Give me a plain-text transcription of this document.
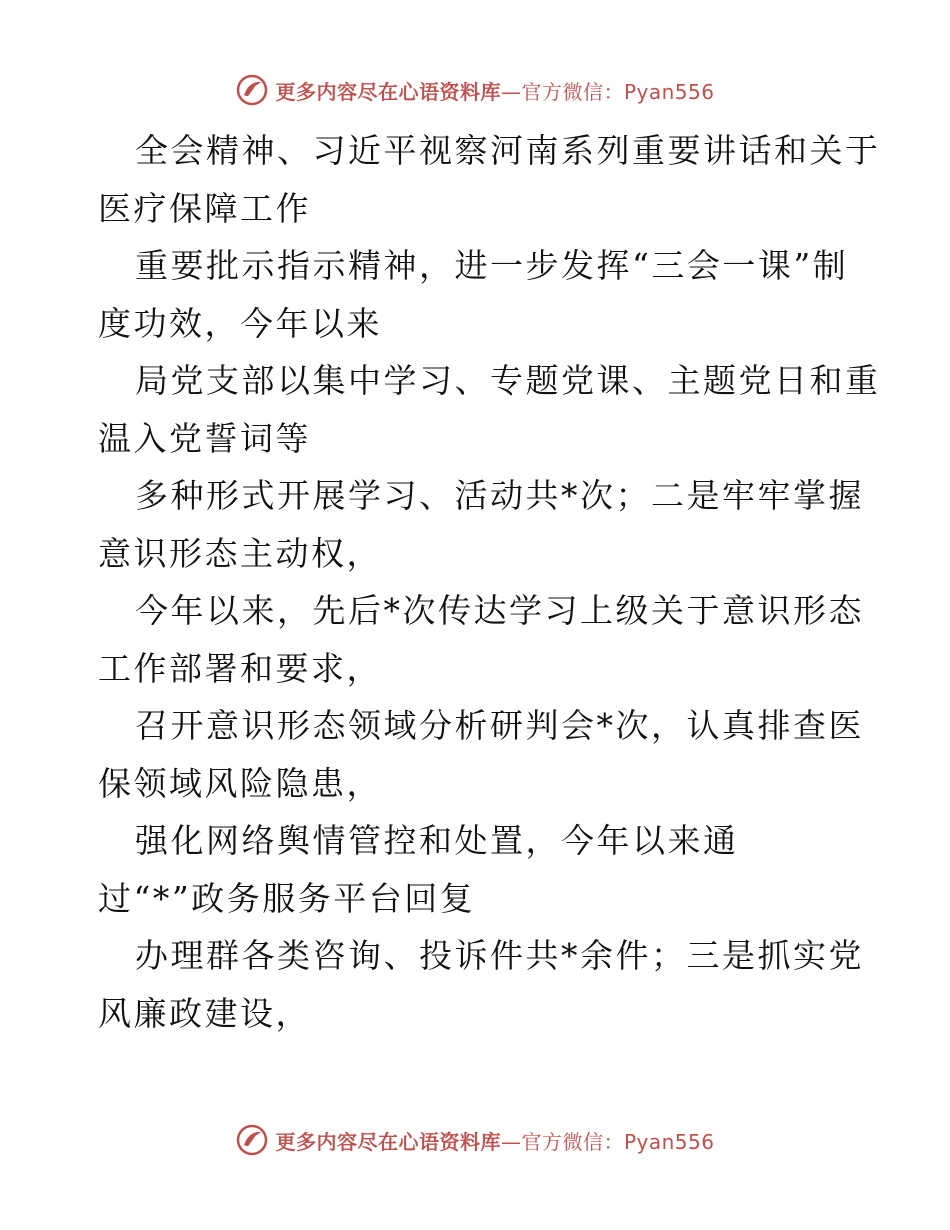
更多内容尽在心语资料库—官方微信：Pyan556
全会精神、习近平视察河南系列重要讲话和关于
医疗保障工作
重要批示指示精神，进一步发挥“三会一课”制
度功效，今年以来
局党支部以集中学习、专题党课、主题党日和重
温入党誓词等
多种形式开展学习、活动共*次；二是牢牢掌握
意识形态主动权，
今年以来，先后*次传达学习上级关于意识形态
工作部署和要求，
召开意识形态领域分析研判会*次，认真排查医
保领域风险隐患，
强化网络舆情管控和处置，今年以来通
过“*”政务服务平台回复
办理群各类咨询、投诉件共*余件；三是抓实党
风廉政建设，
更多内容尽在心语资料库—官方微信：Pyan556
